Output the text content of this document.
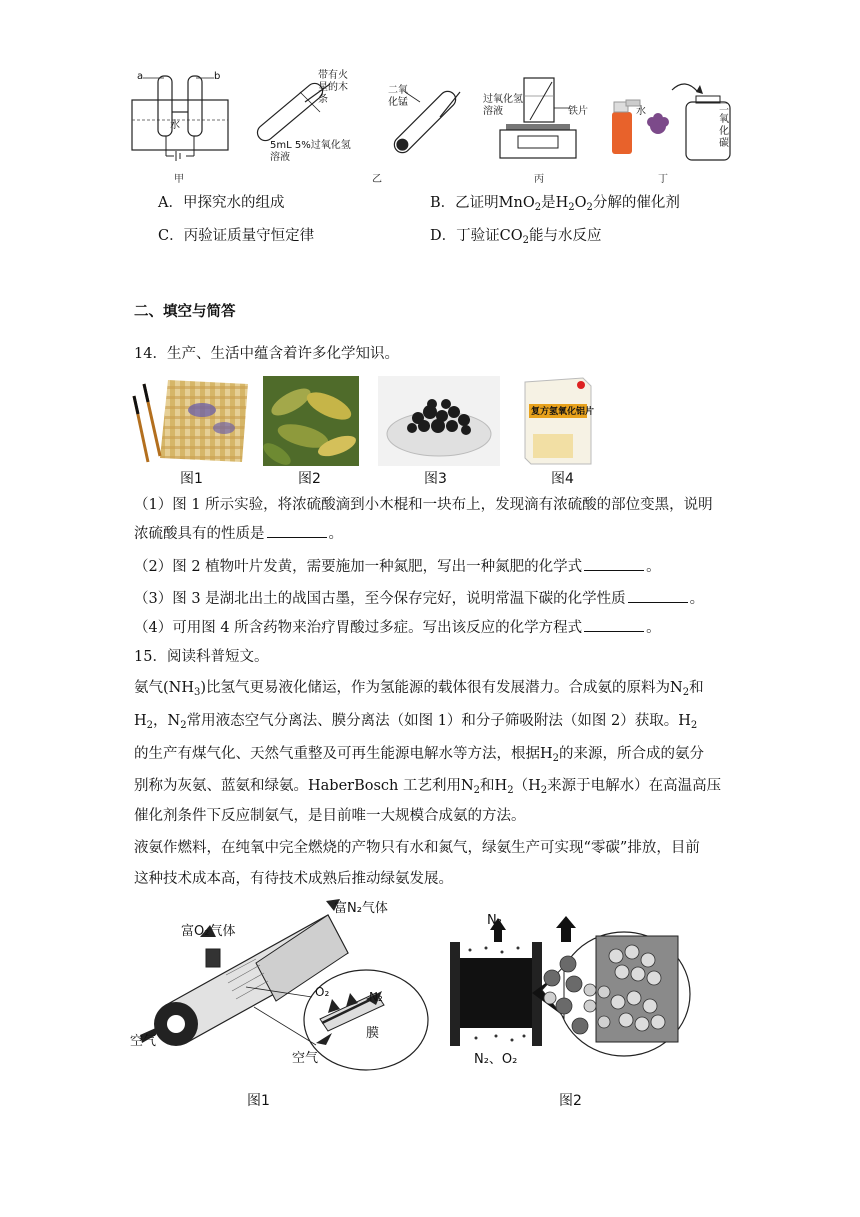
a	b
水
甲
带有火星的木条
5mL 5%过氧化氢溶液
二氧化锰
乙
过氧化氢溶液	铁片
丙
水	二氧化碳
丁
A．甲探究水的组成	B．乙证明MnO$_2$是$H_2O_2$分解的催化剂
C．丙验证质量守恒定律	D．丁验证$CO_2$能与水反应
二、填空与简答
14．生产、生活中蕴含着许多化学知识。
图1	图2	图3
复方氢氧化铝片
图4
（1）图 1 所示实验，将浓硫酸滴到小木棍和一块布上，发现滴有浓硫酸的部位变黑，说明
浓硫酸具有的性质是	。
（2）图 2 植物叶片发黄，需要施加一种氮肥，写出一种氮肥的化学式	。
（3）图 3 是湖北出土的战国古墨，至今保存完好，说明常温下碳的化学性质	。
（4）可用图 4 所含药物来治疗胃酸过多症。写出该反应的化学方程式	。
15．阅读科普短文。
氨气$(NH_3)$比氢气更易液化储运，作为氢能源的载体很有发展潜力。合成氨的原料为$N_2$和
$H_2$，$N_2$常用液态空气分离法、膜分离法（如图 1）和分子筛吸附法（如图 2）获取。$H_2$
的生产有煤气化、天然气重整及可再生能源电解水等方法，根据$H_2$的来源，所合成的氨分
别称为灰氨、蓝氨和绿氨。HaberBosch 工艺利用$N_2$和$H_2(H_2$来源于电解水）在高温高压
催化剂条件下反应制氨气，是目前唯一大规模合成氨的方法。
液氨作燃料，在纯氧中完全燃烧的产物只有水和氮气，绿氨生产可实现“零碳”排放，目前
这种技术成本高，有待技术成熟后推动绿氨发展。
富O₂气体
富N₂气体
空气
O₂	N₂
膜
空气
图1
N₂
N₂、O₂
图2
